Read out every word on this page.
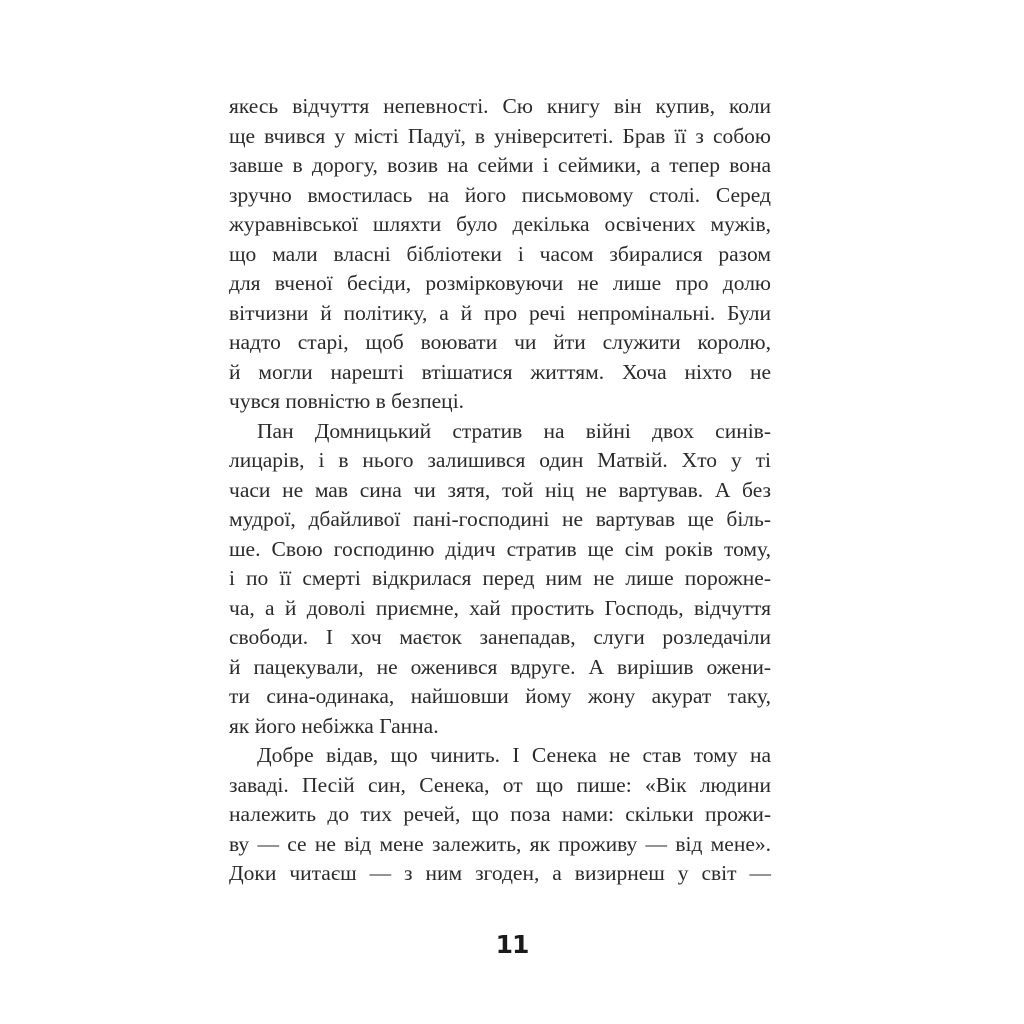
якесь відчуття непевності. Сю книгу він купив, коли
ще вчився у місті Падуї, в університеті. Брав її з собою
завше в дорогу, возив на сейми і сеймики, а тепер вона
зручно вмостилась на його письмовому столі. Серед
журавнівської шляхти було декілька освічених мужів,
що мали власні бібліотеки і часом збиралися разом
для вченої бесіди, розмірковуючи не лише про долю
вітчизни й політику, а й про речі непромінальні. Були
надто старі, щоб воювати чи йти служити королю,
й могли нарешті втішатися життям. Хоча ніхто не
чувся повністю в безпеці.
Пан Домницький стратив на війні двох синів-
лицарів, і в нього залишився один Матвій. Хто у ті
часи не мав сина чи зятя, той ніц не вартував. А без
мудрої, дбайливої пані-господині не вартував ще біль-
ше. Свою господиню дідич стратив ще сім років тому,
і по її смерті відкрилася перед ним не лише порожне-
ча, а й доволі приємне, хай простить Господь, відчуття
свободи. І хоч маєток занепадав, слуги розледачіли
й пацекували, не оженився вдруге. А вирішив ожени-
ти сина-одинака, найшовши йому жону акурат таку,
як його небіжка Ганна.
Добре відав, що чинить. І Сенека не став тому на
заваді. Песій син, Сенека, от що пише: «Вік людини
належить до тих речей, що поза нами: скільки прожи-
ву — се не від мене залежить, як проживу — від мене».
Доки читаєш — з ним згоден, а визирнеш у світ —
11
